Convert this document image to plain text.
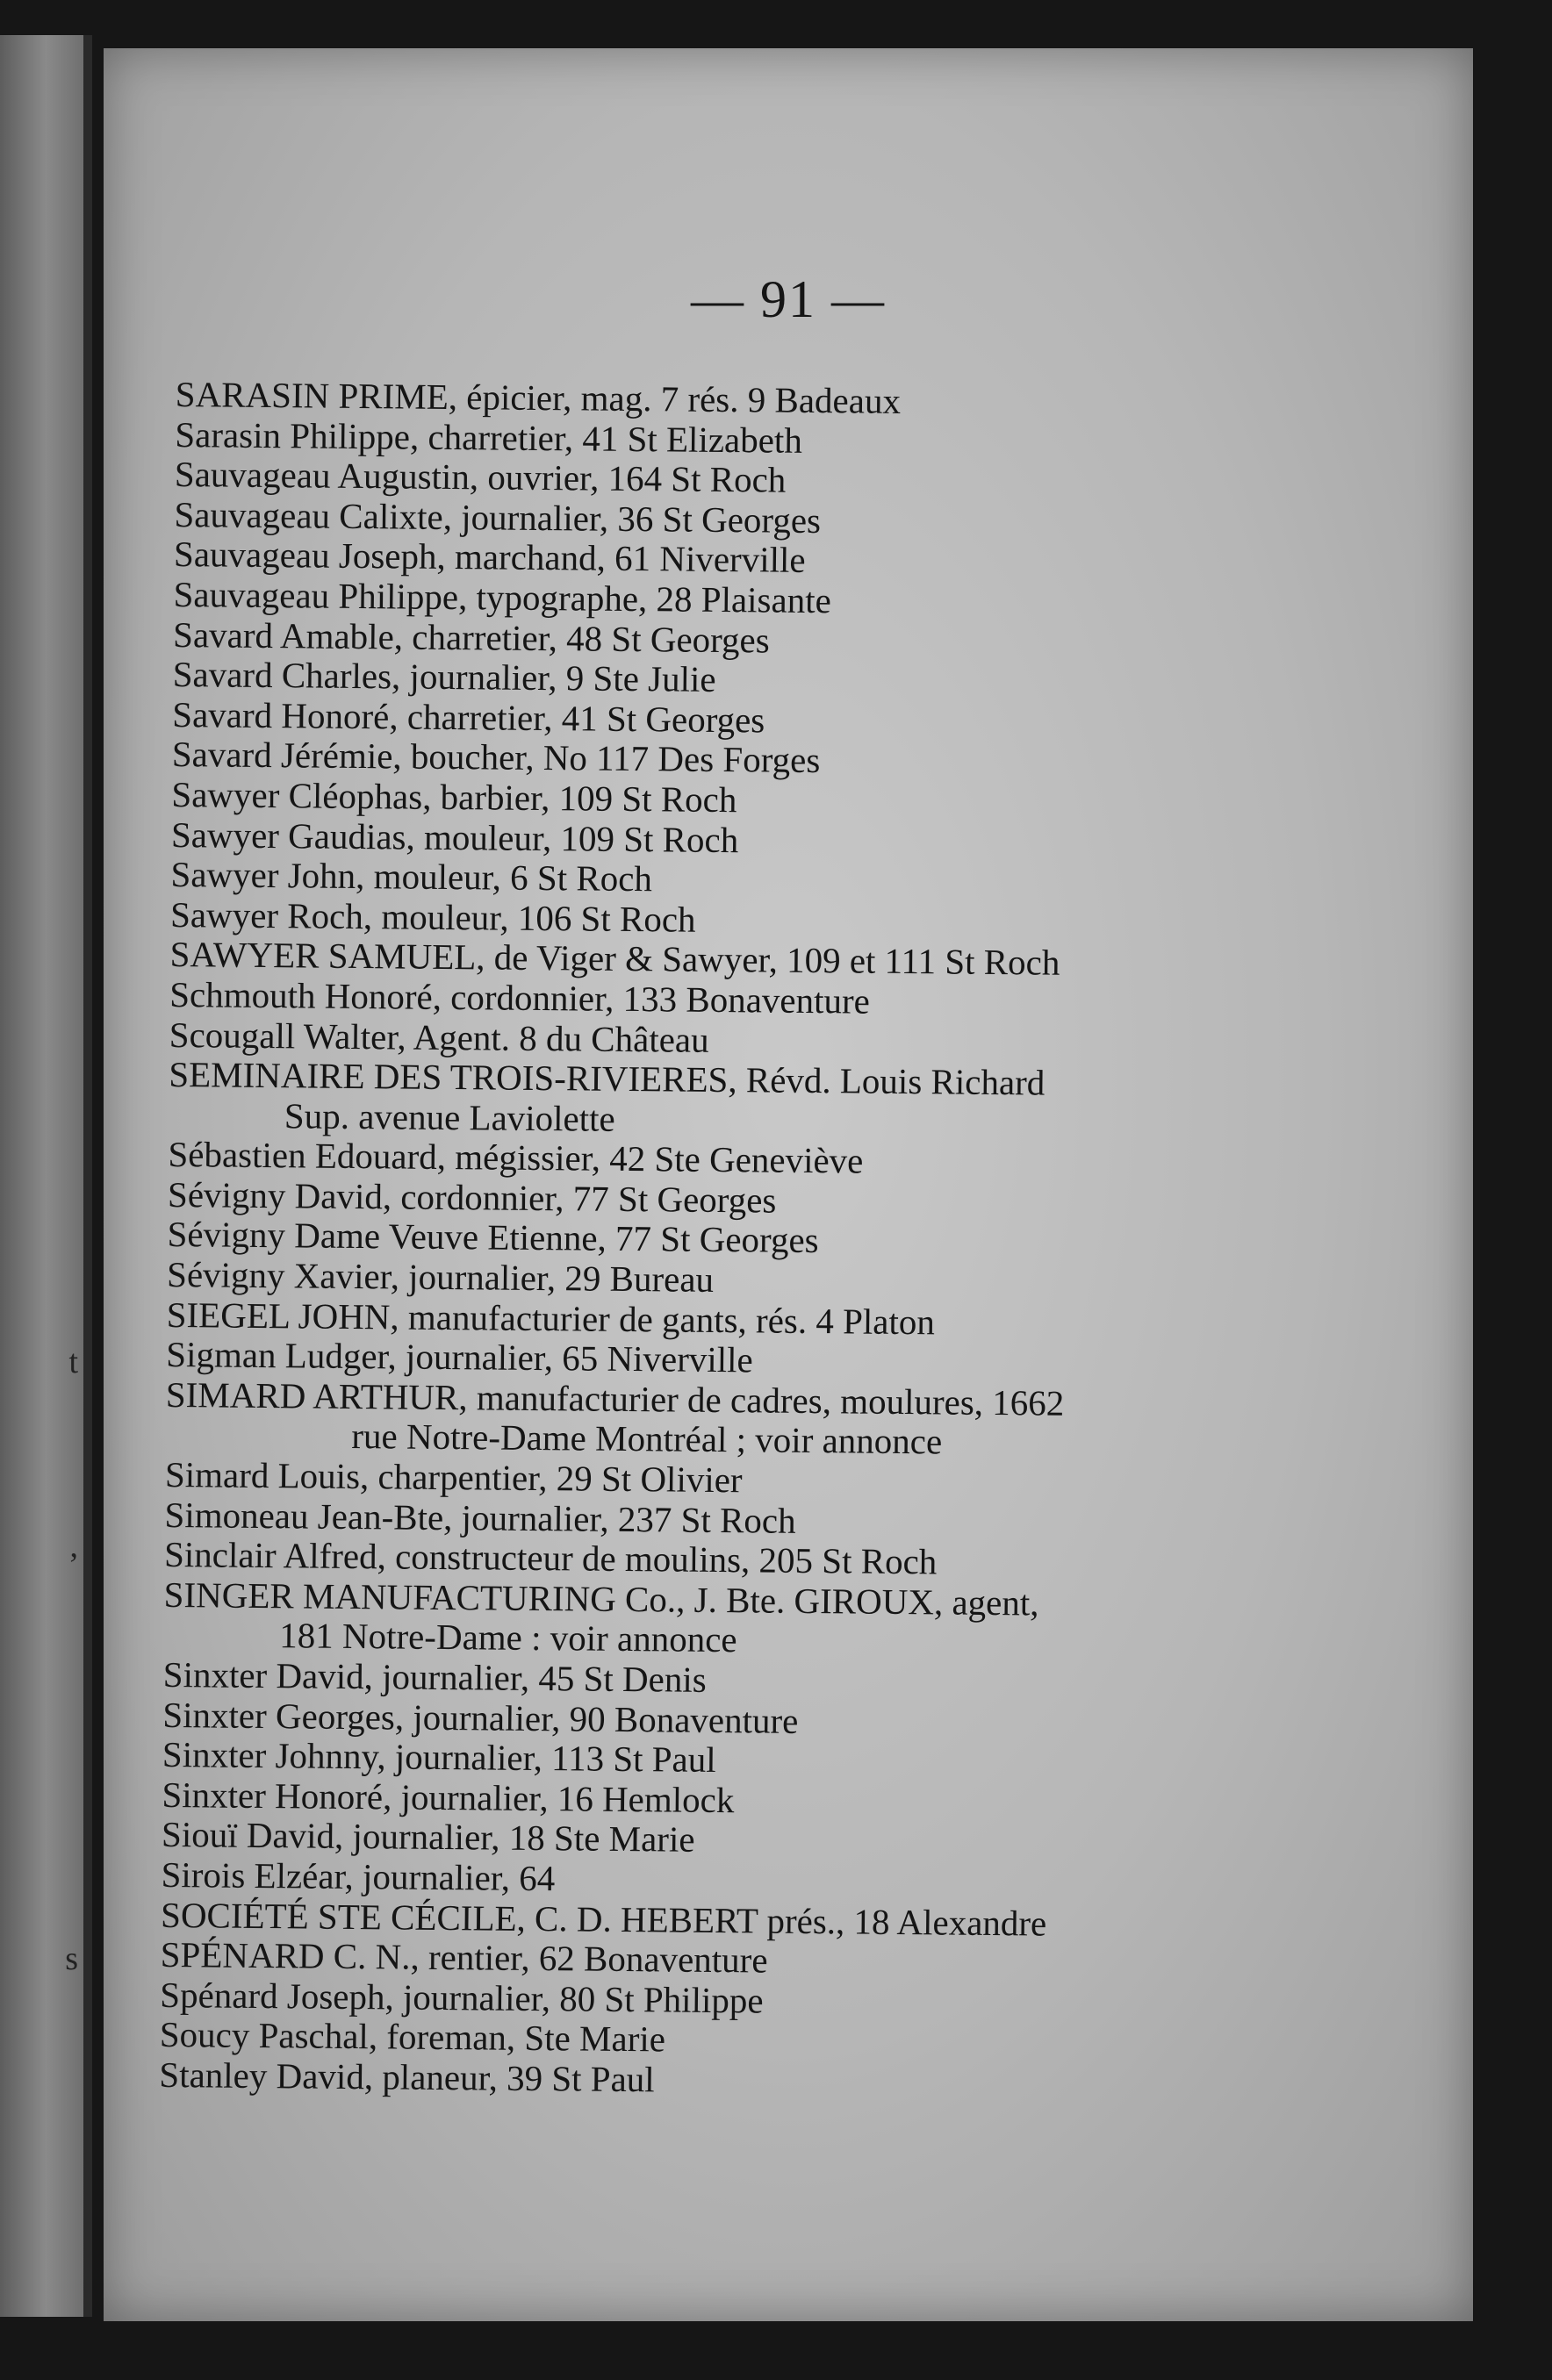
t
,
s
— 91 —
SARASIN PRIME, épicier, mag. 7 rés. 9 Badeaux
Sarasin Philippe, charretier, 41 St Elizabeth
Sauvageau Augustin, ouvrier, 164 St Roch
Sauvageau Calixte, journalier, 36 St Georges
Sauvageau Joseph, marchand, 61 Niverville
Sauvageau Philippe, typographe, 28 Plaisante
Savard Amable, charretier, 48 St Georges
Savard Charles, journalier, 9 Ste Julie
Savard Honoré, charretier, 41 St Georges
Savard Jérémie, boucher, No 117 Des Forges
Sawyer Cléophas, barbier, 109 St Roch
Sawyer Gaudias, mouleur, 109 St Roch
Sawyer John, mouleur, 6 St Roch
Sawyer Roch, mouleur, 106 St Roch
SAWYER SAMUEL, de Viger & Sawyer, 109 et 111 St Roch
Schmouth Honoré, cordonnier, 133 Bonaventure
Scougall Walter, Agent. 8 du Château
SEMINAIRE DES TROIS-RIVIERES, Révd. Louis Richard
Sup. avenue Laviolette
Sébastien Edouard, mégissier, 42 Ste Geneviève
Sévigny David, cordonnier, 77 St Georges
Sévigny Dame Veuve Etienne, 77 St Georges
Sévigny Xavier, journalier, 29 Bureau
SIEGEL JOHN, manufacturier de gants, rés. 4 Platon
Sigman Ludger, journalier, 65 Niverville
SIMARD ARTHUR, manufacturier de cadres, moulures, 1662
rue Notre-Dame Montréal ; voir annonce
Simard Louis, charpentier, 29 St Olivier
Simoneau Jean-Bte, journalier, 237 St Roch
Sinclair Alfred, constructeur de moulins, 205 St Roch
SINGER MANUFACTURING Co., J. Bte. GIROUX, agent,
181 Notre-Dame : voir annonce
Sinxter David, journalier, 45 St Denis
Sinxter Georges, journalier, 90 Bonaventure
Sinxter Johnny, journalier, 113 St Paul
Sinxter Honoré, journalier, 16 Hemlock
Siouï David, journalier, 18 Ste Marie
Sirois Elzéar, journalier, 64
SOCIÉTÉ STE CÉCILE, C. D. HEBERT prés., 18 Alexandre
SPÉNARD C. N., rentier, 62 Bonaventure
Spénard Joseph, journalier, 80 St Philippe
Soucy Paschal, foreman, Ste Marie
Stanley David, planeur, 39 St Paul
